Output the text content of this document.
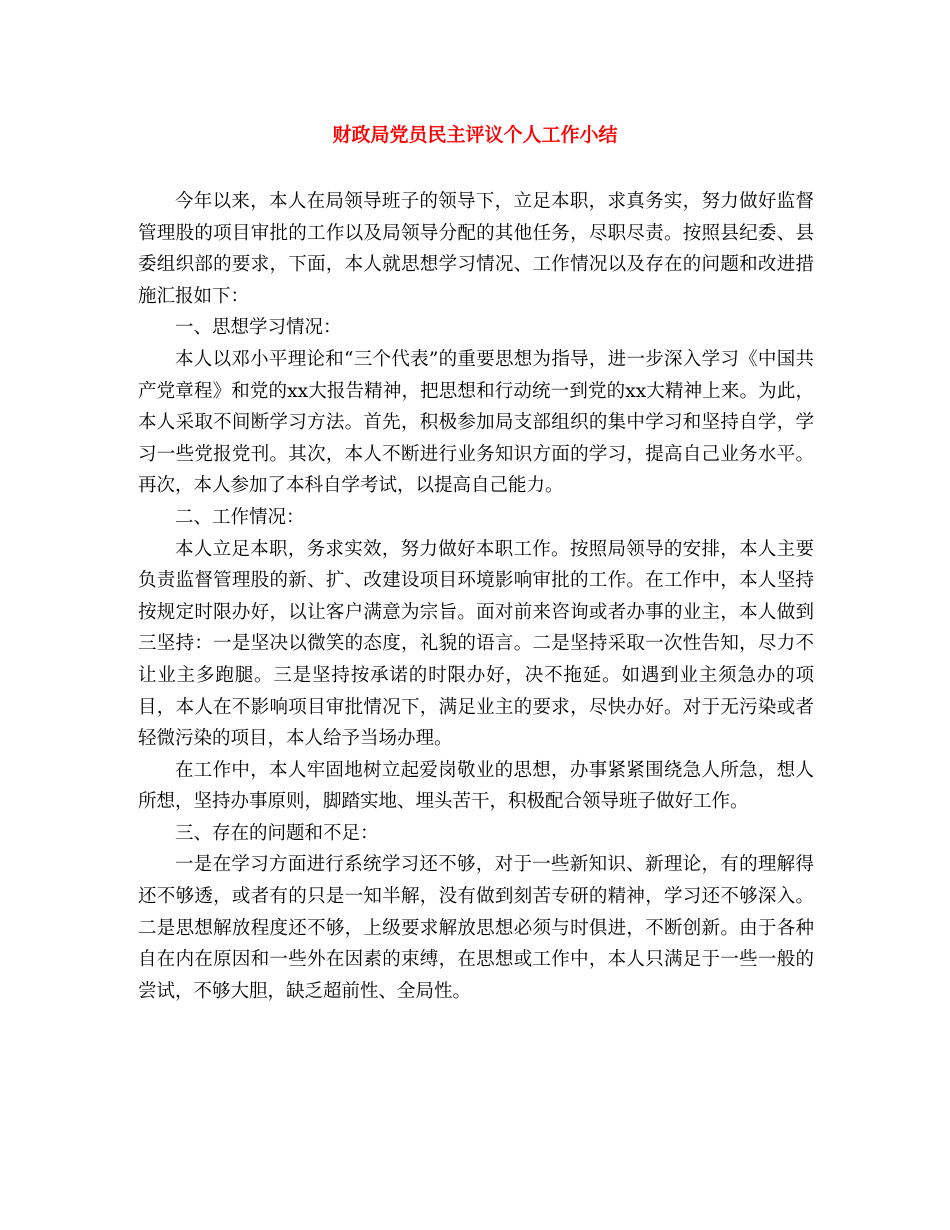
财政局党员民主评议个人工作小结

今年以来，本人在局领导班子的领导下，立足本职，求真务实，努力做好监督管理股的项目审批的工作以及局领导分配的其他任务，尽职尽责。按照县纪委、县委组织部的要求，下面，本人就思想学习情况、工作情况以及存在的问题和改进措施汇报如下：

一、思想学习情况：

本人以邓小平理论和“三个代表”的重要思想为指导，进一步深入学习《中国共产党章程》和党的xx大报告精神，把思想和行动统一到党的xx大精神上来。为此，本人采取不间断学习方法。首先，积极参加局支部组织的集中学习和坚持自学，学习一些党报党刊。其次，本人不断进行业务知识方面的学习，提高自己业务水平。再次，本人参加了本科自学考试，以提高自己能力。

二、工作情况：

本人立足本职，务求实效，努力做好本职工作。按照局领导的安排，本人主要负责监督管理股的新、扩、改建设项目环境影响审批的工作。在工作中，本人坚持按规定时限办好，以让客户满意为宗旨。面对前来咨询或者办事的业主，本人做到三坚持：一是坚决以微笑的态度，礼貌的语言。二是坚持采取一次性告知，尽力不让业主多跑腿。三是坚持按承诺的时限办好，决不拖延。如遇到业主须急办的项目，本人在不影响项目审批情况下，满足业主的要求，尽快办好。对于无污染或者轻微污染的项目，本人给予当场办理。

在工作中，本人牢固地树立起爱岗敬业的思想，办事紧紧围绕急人所急，想人所想，坚持办事原则，脚踏实地、埋头苦干，积极配合领导班子做好工作。

三、存在的问题和不足：

一是在学习方面进行系统学习还不够，对于一些新知识、新理论，有的理解得还不够透，或者有的只是一知半解，没有做到刻苦专研的精神，学习还不够深入。二是思想解放程度还不够，上级要求解放思想必须与时俱进，不断创新。由于各种自在内在原因和一些外在因素的束缚，在思想或工作中，本人只满足于一些一般的尝试，不够大胆，缺乏超前性、全局性。
